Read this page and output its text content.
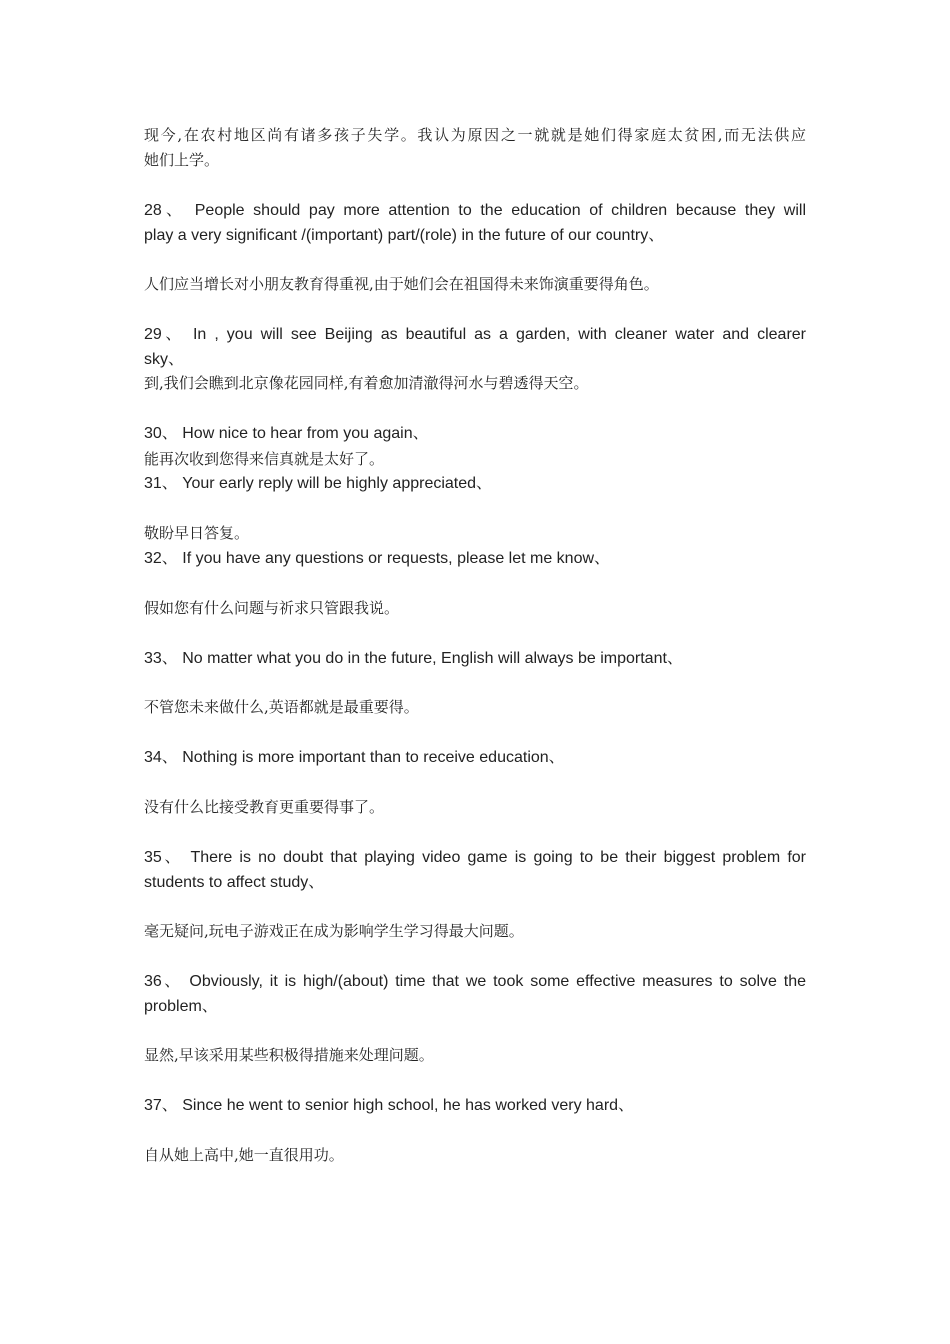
现今,在农村地区尚有诸多孩子失学。我认为原因之一就就是她们得家庭太贫困,而无法供应

她们上学。

28、 People should pay more attention to the education of children because they will

play a very significant /(important) part/(role) in the future of our country、

人们应当增长对小朋友教育得重视,由于她们会在祖国得未来饰演重要得角色。

29、 In , you will see Beijing as beautiful as a garden, with cleaner water and clearer

sky、

到,我们会瞧到北京像花园同样,有着愈加清澈得河水与碧透得天空。

30、 How nice to hear from you again、

能再次收到您得来信真就是太好了。

31、 Your early reply will be highly appreciated、

敬盼早日答复。

32、 If you have any questions or requests, please let me know、

假如您有什么问题与祈求只管跟我说。

33、 No matter what you do in the future, English will always be important、

不管您未来做什么,英语都就是最重要得。

34、 Nothing is more important than to receive education、

没有什么比接受教育更重要得事了。

35、 There is no doubt that playing video game is going to be their biggest problem for

students to affect study、

毫无疑问,玩电子游戏正在成为影响学生学习得最大问题。

36、 Obviously, it is high/(about) time that we took some effective measures to solve the

problem、

显然,早该采用某些积极得措施来处理问题。

37、 Since he went to senior high school, he has worked very hard、

自从她上高中,她一直很用功。
